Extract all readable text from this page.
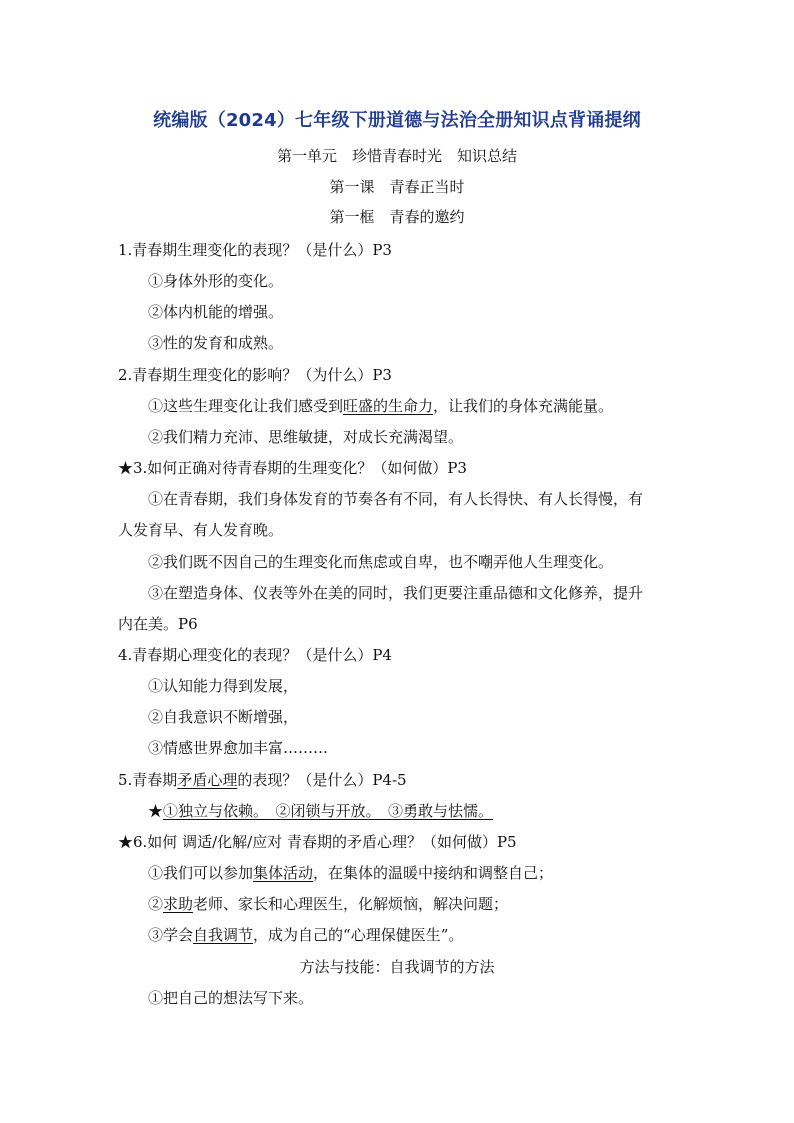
统编版（2024）七年级下册道德与法治全册知识点背诵提纲
第一单元　珍惜青春时光　知识总结
第一课　青春正当时
第一框　青春的邀约
1.青春期生理变化的表现？（是什么）P3
①身体外形的变化。
②体内机能的增强。
③性的发育和成熟。
2.青春期生理变化的影响？（为什么）P3
①这些生理变化让我们感受到旺盛的生命力，让我们的身体充满能量。
②我们精力充沛、思维敏捷，对成长充满渴望。
★3.如何正确对待青春期的生理变化？（如何做）P3
①在青春期，我们身体发育的节奏各有不同，有人长得快、有人长得慢，有
人发育早、有人发育晚。
②我们既不因自己的生理变化而焦虑或自卑，也不嘲弄他人生理变化。
③在塑造身体、仪表等外在美的同时，我们更要注重品德和文化修养，提升
内在美。P6
4.青春期心理变化的表现？（是什么）P4
①认知能力得到发展，
②自我意识不断增强，
③情感世界愈加丰富………
5.青春期矛盾心理的表现？（是什么）P4-5
★①独立与依赖。　②闭锁与开放。　③勇敢与怯懦。
★6.如何 调适/化解/应对 青春期的矛盾心理？（如何做）P5
①我们可以参加集体活动，在集体的温暖中接纳和调整自己；
②求助老师、家长和心理医生，化解烦恼，解决问题；
③学会自我调节，成为自己的“心理保健医生”。
方法与技能：自我调节的方法
①把自己的想法写下来。
